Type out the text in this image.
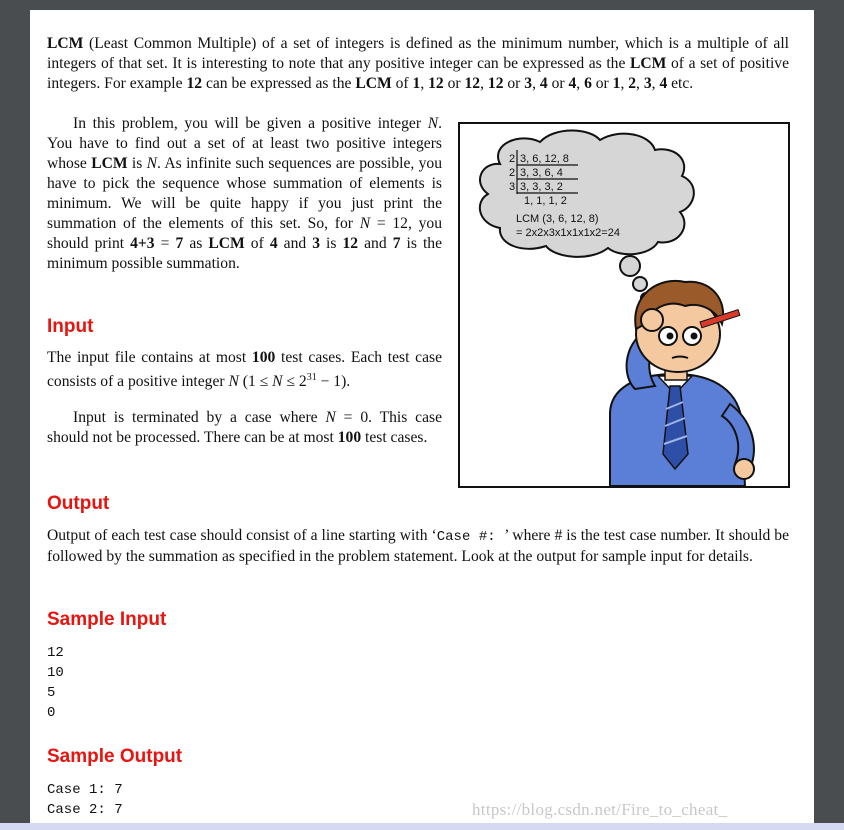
LCM (Least Common Multiple) of a set of integers is defined as the minimum number, which is a multiple of all integers of that set. It is interesting to note that any positive integer can be expressed as the LCM of a set of positive integers. For example 12 can be expressed as the LCM of 1, 12 or 12, 12 or 3, 4 or 4, 6 or 1, 2, 3, 4 etc.

In this problem, you will be given a positive integer N. You have to find out a set of at least two positive integers whose LCM is N. As infinite such sequences are possible, you have to pick the sequence whose summation of elements is minimum. We will be quite happy if you just print the summation of the elements of this set. So, for N = 12, you should print 4+3 = 7 as LCM of 4 and 3 is 12 and 7 is the minimum possible summation.

2 3, 6, 12, 8
2 3, 3, 6, 4
3 3, 3, 3, 2
1, 1, 1, 2
LCM (3, 6, 12, 8)
= 2x2x3x1x1x1x2=24
Input

The input file contains at most 100 test cases. Each test case consists of a positive integer N $(1 \le N \le 2^{31} - 1)$.

Input is terminated by a case where N = 0. This case should not be processed. There can be at most 100 test cases.

Output

Output of each test case should consist of a line starting with ‘Case #: ’ where # is the test case number. It should be followed by the summation as specified in the problem statement. Look at the output for sample input for details.

Sample Input

12

10

5

0

Sample Output

Case 1: 7

Case 2: 7	https://blog.csdn.net/Fire_to_cheat_
